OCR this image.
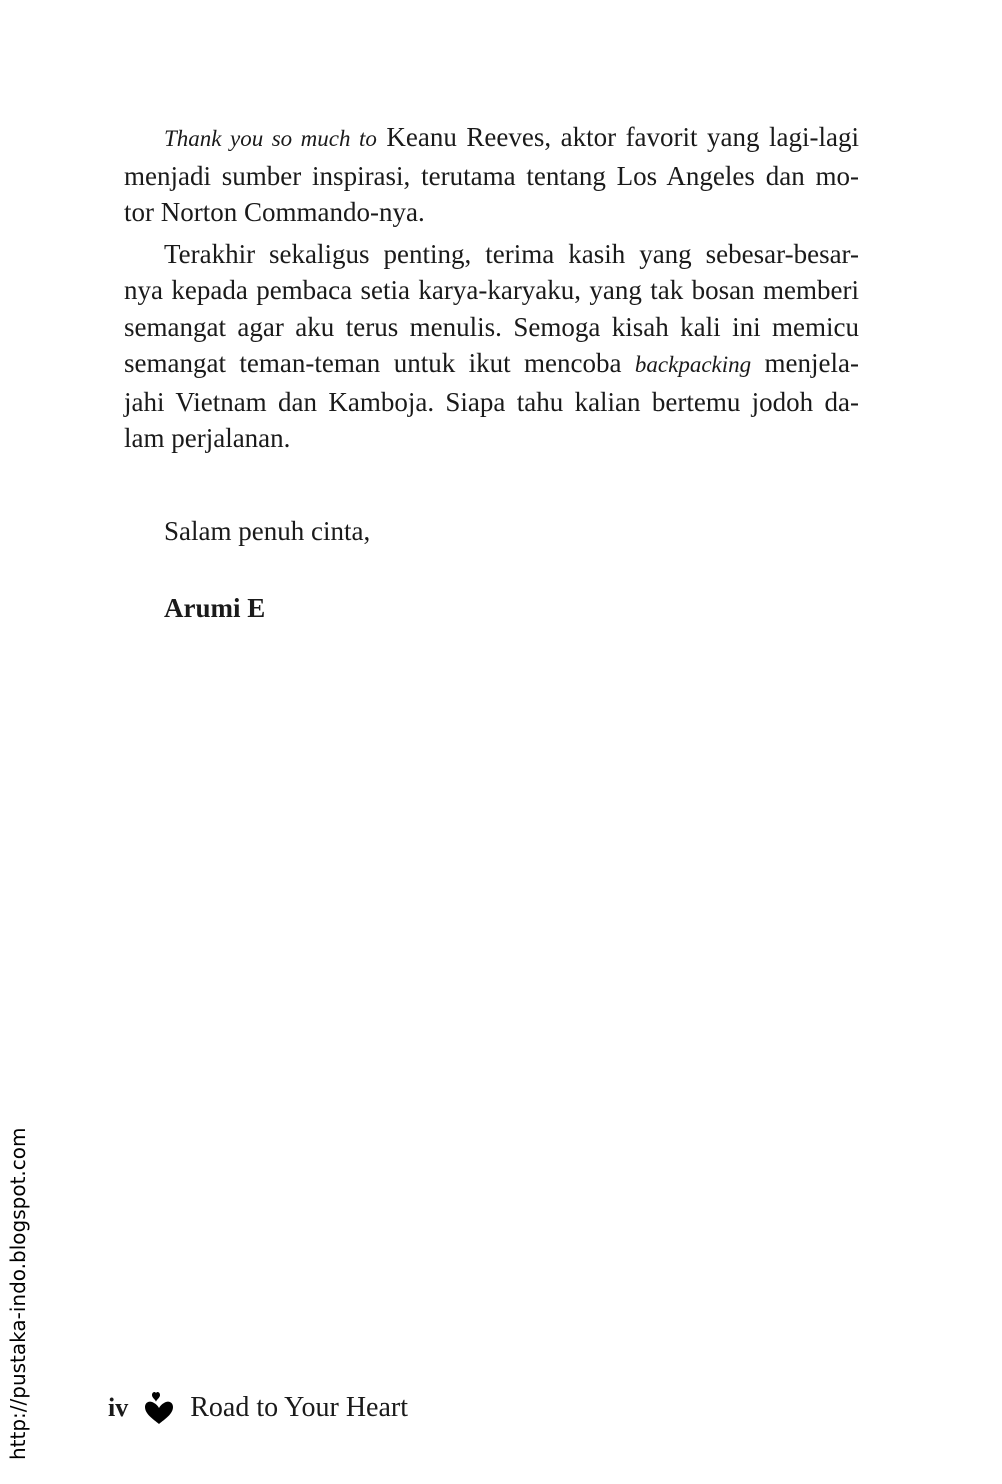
Thank you so much to Keanu Reeves, aktor favorit yang lagi-lagi
menjadi sumber inspirasi, terutama tentang Los Angeles dan mo-
tor Norton Commando-nya.
Terakhir sekaligus penting, terima kasih yang sebesar-besar-
nya kepada pembaca setia karya-karyaku, yang tak bosan memberi
semangat agar aku terus menulis. Semoga kisah kali ini memicu
semangat teman-teman untuk ikut mencoba backpacking menjela-
jahi Vietnam dan Kamboja. Siapa tahu kalian bertemu jodoh da-
lam perjalanan.
Salam penuh cinta,
Arumi E
iv Road to Your Heart
http://pustaka-indo.blogspot.com
